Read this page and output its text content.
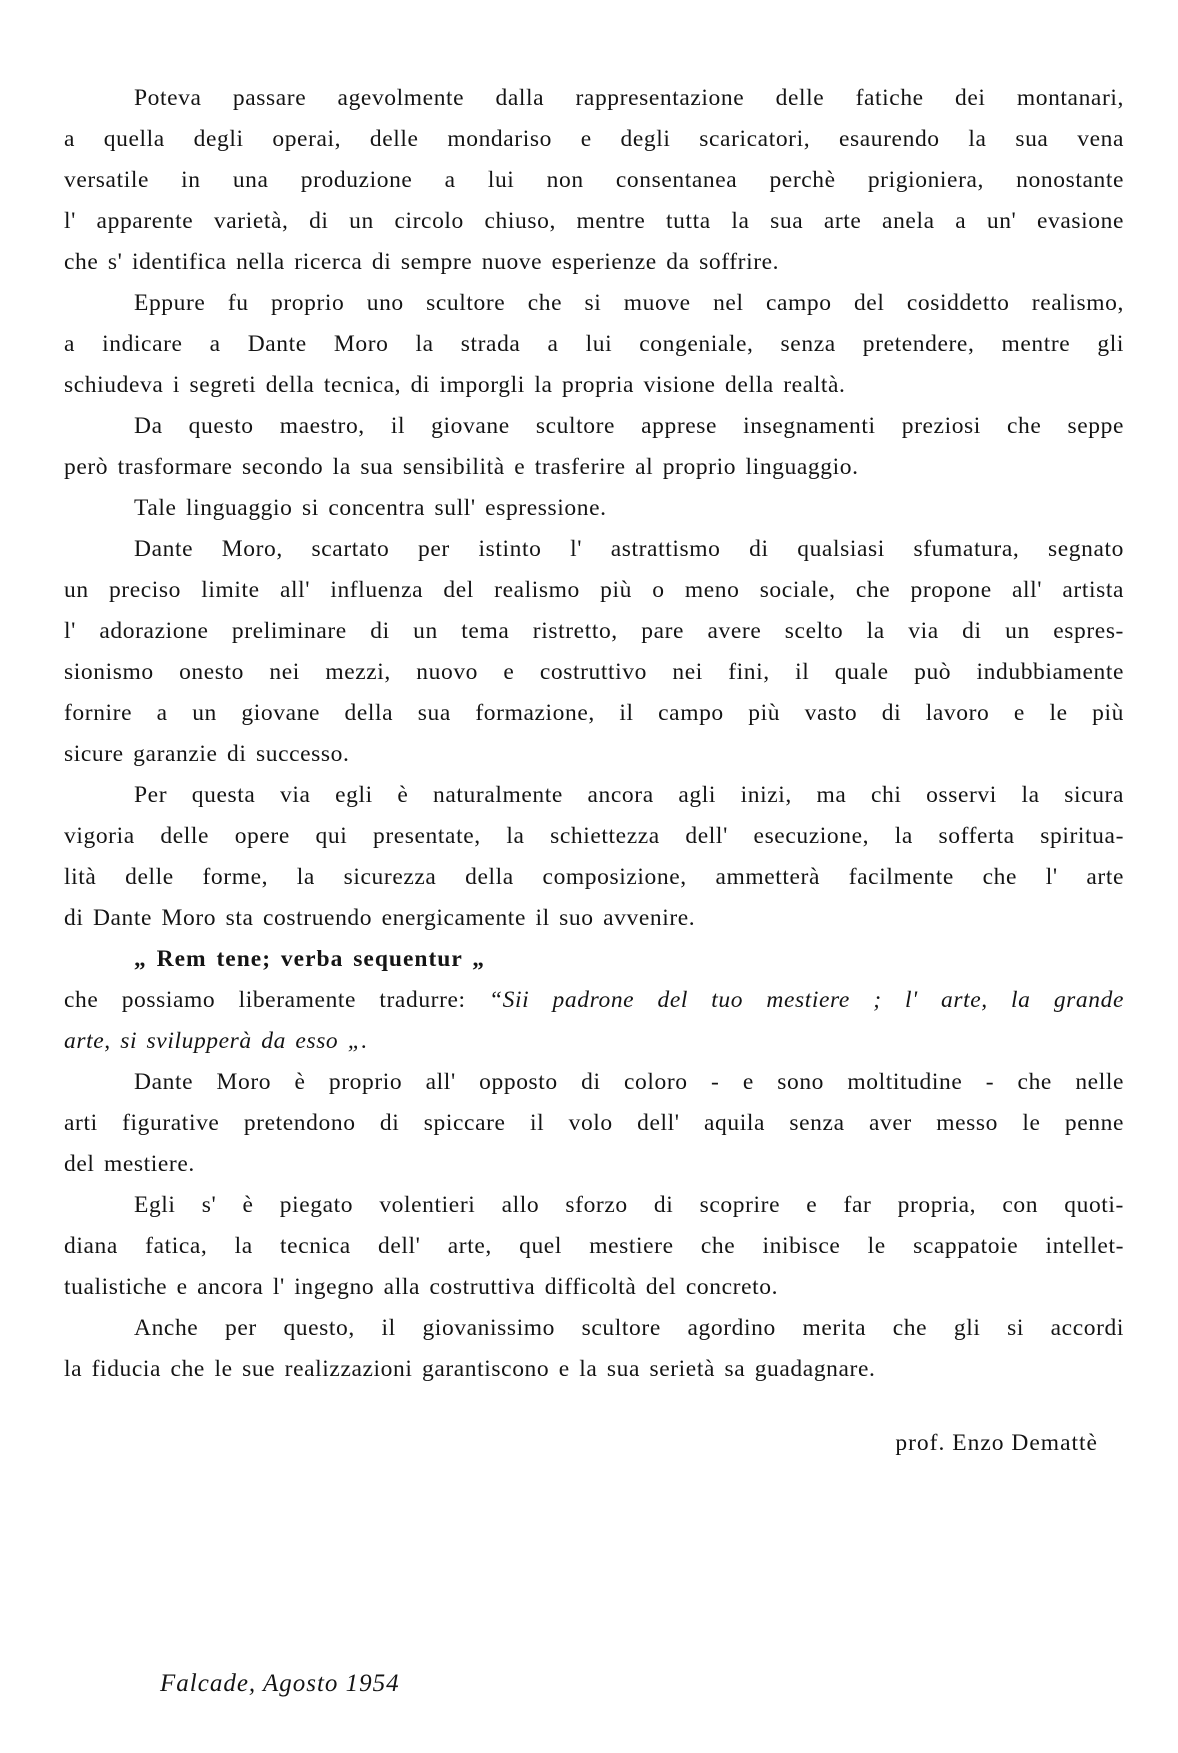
Poteva passare agevolmente dalla rappresentazione delle fatiche dei montanari,
a quella degli operai, delle mondariso e degli scaricatori, esaurendo la sua vena
versatile in una produzione a lui non consentanea perchè prigioniera, nonostante
l' apparente varietà, di un circolo chiuso, mentre tutta la sua arte anela a un' evasione
che s' identifica nella ricerca di sempre nuove esperienze da soffrire.
Eppure fu proprio uno scultore che si muove nel campo del cosiddetto realismo,
a indicare a Dante Moro la strada a lui congeniale, senza pretendere, mentre gli
schiudeva i segreti della tecnica, di imporgli la propria visione della realtà.
Da questo maestro, il giovane scultore apprese insegnamenti preziosi che seppe
però trasformare secondo la sua sensibilità e trasferire al proprio linguaggio.
Tale linguaggio si concentra sull' espressione.
Dante Moro, scartato per istinto l' astrattismo di qualsiasi sfumatura, segnato
un preciso limite all' influenza del realismo più o meno sociale, che propone all' artista
l' adorazione preliminare di un tema ristretto, pare avere scelto la via di un espres-
sionismo onesto nei mezzi, nuovo e costruttivo nei fini, il quale può indubbiamente
fornire a un giovane della sua formazione, il campo più vasto di lavoro e le più
sicure garanzie di successo.
Per questa via egli è naturalmente ancora agli inizi, ma chi osservi la sicura
vigoria delle opere qui presentate, la schiettezza dell' esecuzione, la sofferta spiritua-
lità delle forme, la sicurezza della composizione, ammetterà facilmente che l' arte
di Dante Moro sta costruendo energicamente il suo avvenire.
„ Rem tene; verba sequentur „
che possiamo liberamente tradurre: “Sii padrone del tuo mestiere ; l' arte, la grande
arte, si svilupperà da esso „.
Dante Moro è proprio all' opposto di coloro - e sono moltitudine - che nelle
arti figurative pretendono di spiccare il volo dell' aquila senza aver messo le penne
del mestiere.
Egli s' è piegato volentieri allo sforzo di scoprire e far propria, con quoti-
diana fatica, la tecnica dell' arte, quel mestiere che inibisce le scappatoie intellet-
tualistiche e ancora l' ingegno alla costruttiva difficoltà del concreto.
Anche per questo, il giovanissimo scultore agordino merita che gli si accordi
la fiducia che le sue realizzazioni garantiscono e la sua serietà sa guadagnare.
prof. Enzo Demattè
Falcade, Agosto 1954
